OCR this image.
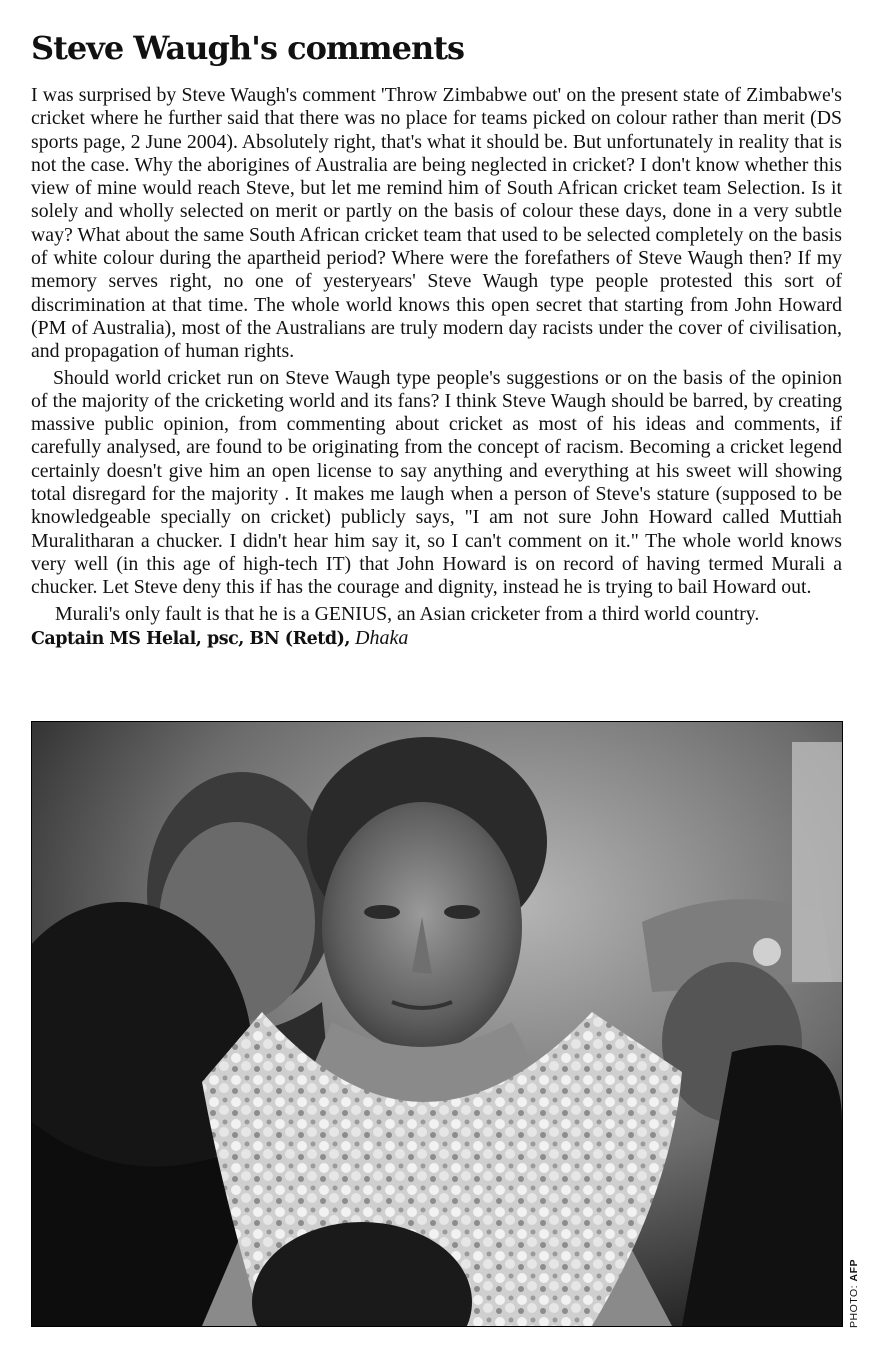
Steve Waugh's comments

I was surprised by Steve Waugh's comment 'Throw Zimbabwe out' on the present state of Zimbabwe's cricket where he further said that there was no place for teams picked on colour rather than merit (DS sports page, 2 June 2004). Absolutely right, that's what it should be. But unfortunately in reality that is not the case. Why the aborigines of Australia are being neglected in cricket? I don't know whether this view of mine would reach Steve, but let me remind him of South African cricket team Selection. Is it solely and wholly selected on merit or partly on the basis of colour these days, done in a very subtle way? What about the same South African cricket team that used to be selected completely on the basis of white colour during the apartheid period? Where were the forefathers of Steve Waugh then? If my memory serves right, no one of yesteryears' Steve Waugh type people protested this sort of discrimination at that time. The whole world knows this open secret that starting from John Howard (PM of Australia), most of the Australians are truly modern day racists under the cover of civilisation, and propagation of human rights.

Should world cricket run on Steve Waugh type people's suggestions or on the basis of the opinion of the majority of the cricketing world and its fans? I think Steve Waugh should be barred, by creating massive public opinion, from commenting about cricket as most of his ideas and comments, if carefully analysed, are found to be originating from the concept of racism. Becoming a cricket legend certainly doesn't give him an open license to say anything and everything at his sweet will showing total disregard for the majority . It makes me laugh when a person of Steve's stature (supposed to be knowledgeable specially on cricket) publicly says, "I am not sure John Howard called Muttiah Muralitharan a chucker. I didn't hear him say it, so I can't comment on it." The whole world knows very well (in this age of high-tech IT) that John Howard is on record of having termed Murali a chucker. Let Steve deny this if has the courage and dignity, instead he is trying to bail Howard out.

Murali's only fault is that he is a GENIUS, an Asian cricketer from a third world country.

Captain MS Helal, psc, BN (Retd), Dhaka

PHOTO: AFP
